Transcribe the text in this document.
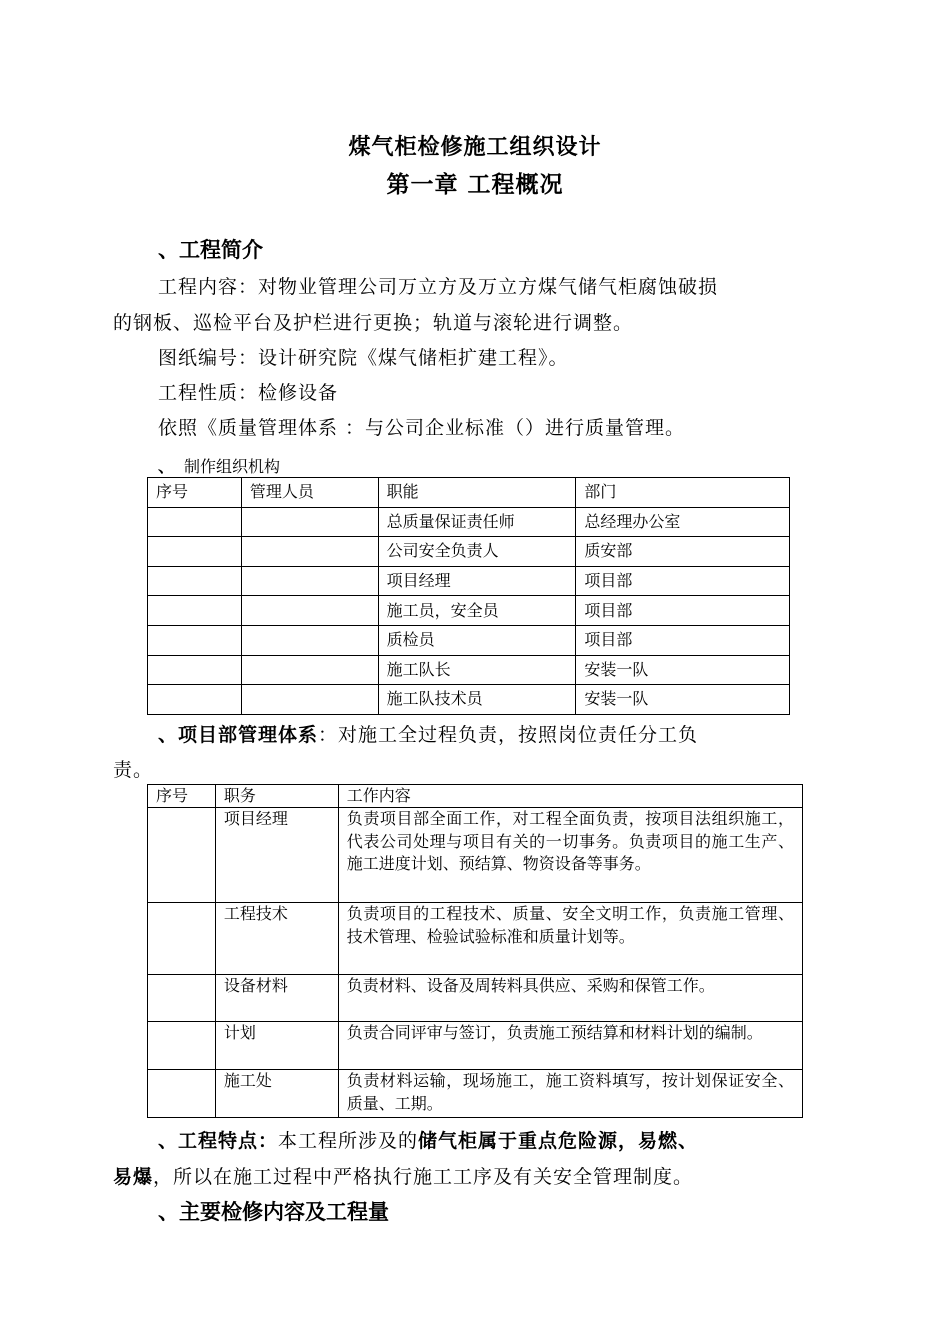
煤气柜检修施工组织设计
第一章 工程概况
、工程简介
工程内容：对物业管理公司万立方及万立方煤气储气柜腐蚀破损
的钢板、巡检平台及护栏进行更换；轨道与滚轮进行调整。
图纸编号：设计研究院《煤气储柜扩建工程》。
工程性质：检修设备
依照《质量管理体系 ：与公司企业标准（）进行质量管理。
、 制作组织机构
序号	管理人员	职能	部门
		总质量保证责任师	总经理办公室
		公司安全负责人	质安部
		项目经理	项目部
		施工员，安全员	项目部
		质检员	项目部
		施工队长	安装一队
		施工队技术员	安装一队
、项目部管理体系：对施工全过程负责，按照岗位责任分工负
责。
序号	职务	工作内容
	项目经理	负责项目部全面工作，对工程全面负责，按项目法组织施工，代表公司处理与项目有关的一切事务。负责项目的施工生产、施工进度计划、预结算、物资设备等事务。
	工程技术	负责项目的工程技术、质量、安全文明工作，负责施工管理、技术管理、检验试验标准和质量计划等。
	设备材料	负责材料、设备及周转料具供应、采购和保管工作。
	计划	负责合同评审与签订，负责施工预结算和材料计划的编制。
	施工处	负责材料运输，现场施工，施工资料填写，按计划保证安全、质量、工期。
、工程特点：本工程所涉及的储气柜属于重点危险源，易燃、
易爆，所以在施工过程中严格执行施工工序及有关安全管理制度。
、主要检修内容及工程量
